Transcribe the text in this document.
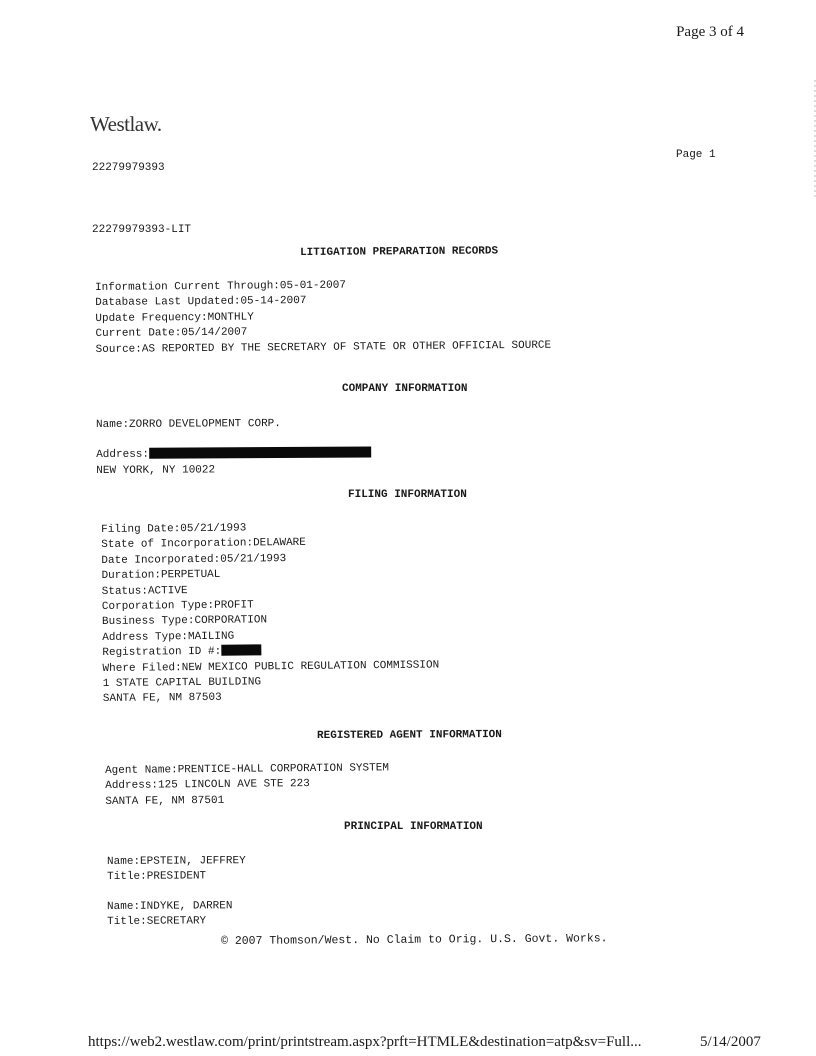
Page 3 of 4
Westlaw.
Page 1
22279979393
22279979393-LIT
LITIGATION PREPARATION RECORDS
Information Current Through:05-01-2007
Database Last Updated:05-14-2007
Update Frequency:MONTHLY
Current Date:05/14/2007
Source:AS REPORTED BY THE SECRETARY OF STATE OR OTHER OFFICIAL SOURCE
COMPANY INFORMATION
Name:ZORRO DEVELOPMENT CORP.
Address:
NEW YORK, NY 10022
FILING INFORMATION
Filing Date:05/21/1993
State of Incorporation:DELAWARE
Date Incorporated:05/21/1993
Duration:PERPETUAL
Status:ACTIVE
Corporation Type:PROFIT
Business Type:CORPORATION
Address Type:MAILING
Registration ID #:
Where Filed:NEW MEXICO PUBLIC REGULATION COMMISSION
1 STATE CAPITAL BUILDING
SANTA FE, NM 87503
REGISTERED AGENT INFORMATION
Agent Name:PRENTICE-HALL CORPORATION SYSTEM
Address:125 LINCOLN AVE STE 223
SANTA FE, NM 87501
PRINCIPAL INFORMATION
Name:EPSTEIN, JEFFREY
Title:PRESIDENT
Name:INDYKE, DARREN
Title:SECRETARY
© 2007 Thomson/West. No Claim to Orig. U.S. Govt. Works.
https://web2.westlaw.com/print/printstream.aspx?prft=HTMLE&destination=atp&sv=Full...	5/14/2007
